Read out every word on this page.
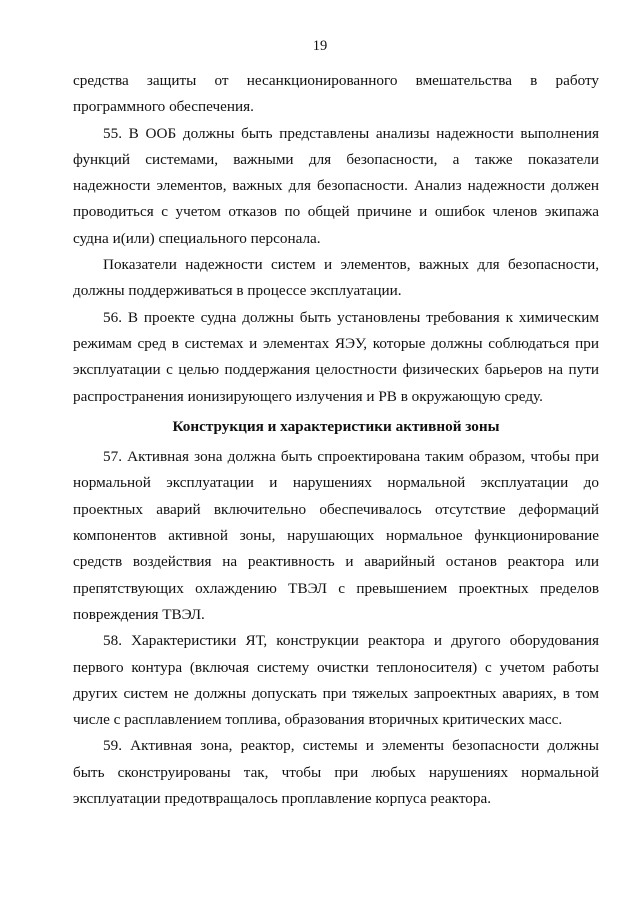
19

средства защиты от несанкционированного вмешательства в работу программного обеспечения.

55. В ООБ должны быть представлены анализы надежности выполнения функций системами, важными для безопасности, а также показатели надежности элементов, важных для безопасности. Анализ надежности должен проводиться с учетом отказов по общей причине и ошибок членов экипажа судна и(или) специального персонала.

Показатели надежности систем и элементов, важных для безопасности, должны поддерживаться в процессе эксплуатации.

56. В проекте судна должны быть установлены требования к химическим режимам сред в системах и элементах ЯЭУ, которые должны соблюдаться при эксплуатации с целью поддержания целостности физических барьеров на пути распространения ионизирующего излучения и РВ в окружающую среду.

Конструкция и характеристики активной зоны

57. Активная зона должна быть спроектирована таким образом, чтобы при нормальной эксплуатации и нарушениях нормальной эксплуатации до проектных аварий включительно обеспечивалось отсутствие деформаций компонентов активной зоны, нарушающих нормальное функционирование средств воздействия на реактивность и аварийный останов реактора или препятствующих охлаждению ТВЭЛ с превышением проектных пределов повреждения ТВЭЛ.

58. Характеристики ЯТ, конструкции реактора и другого оборудования первого контура (включая систему очистки теплоносителя) с учетом работы других систем не должны допускать при тяжелых запроектных авариях, в том числе с расплавлением топлива, образования вторичных критических масс.

59. Активная зона, реактор, системы и элементы безопасности должны быть сконструированы так, чтобы при любых нарушениях нормальной эксплуатации предотвращалось проплавление корпуса реактора.
